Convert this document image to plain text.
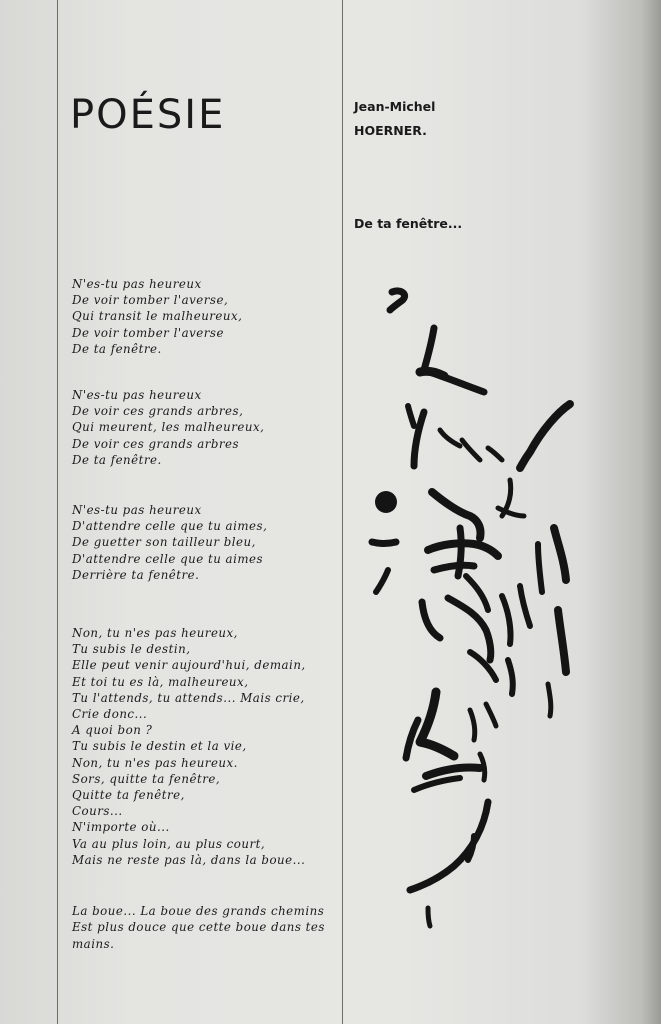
POÉSIE	Jean-Michel
HOERNER.
De ta fenêtre...
N'es-tu pas heureux
De voir tomber l'averse,
Qui transit le malheureux,
De voir tomber l'averse
De ta fenêtre.
N'es-tu pas heureux
De voir ces grands arbres,
Qui meurent, les malheureux,
De voir ces grands arbres
De ta fenêtre.
N'es-tu pas heureux
D'attendre celle que tu aimes,
De guetter son tailleur bleu,
D'attendre celle que tu aimes
Derrière ta fenêtre.
Non, tu n'es pas heureux,
Tu subis le destin,
Elle peut venir aujourd'hui, demain,
Et toi tu es là, malheureux,
Tu l'attends, tu attends... Mais crie,
Crie donc...
A quoi bon ?
Tu subis le destin et la vie,
Non, tu n'es pas heureux.
Sors, quitte ta fenêtre,
Quitte ta fenêtre,
Cours...
N'importe où...
Va au plus loin, au plus court,
Mais ne reste pas là, dans la boue...
La boue... La boue des grands chemins
Est plus douce que cette boue dans tes
mains.
